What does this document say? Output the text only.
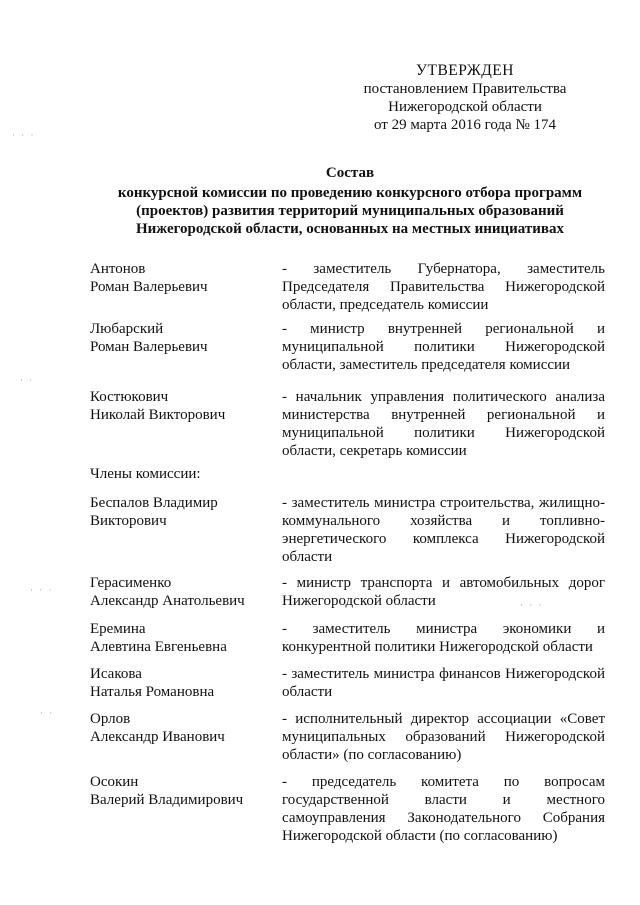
УТВЕРЖДЕН
постановлением Правительства
Нижегородской области
от 29 марта 2016 года № 174
Состав
конкурсной комиссии по проведению конкурсного отбора программ
(проектов) развития территорий муниципальных образований
Нижегородской области, основанных на местных инициативах
Антонов
Роман Валерьевич
- заместитель Губернатора, заместитель Председателя Правительства Нижегородской области, председатель комиссии
Любарский
Роман Валерьевич
- министр внутренней региональной и муниципальной политики Нижегородской области, заместитель председателя комиссии
Костюкович
Николай Викторович
- начальник управления политического анализа министерства внутренней региональной и муниципальной политики Нижегородской области, секретарь комиссии
Члены комиссии:
Беспалов Владимир
Викторович
- заместитель министра строительства, жилищно-коммунального хозяйства и топливно-энергетического комплекса Нижегородской области
Герасименко
Александр Анатольевич
- министр транспорта и автомобильных дорог Нижегородской области
Еремина
Алевтина Евгеньевна
- заместитель министра экономики и конкурентной политики Нижегородской области
Исакова
Наталья Романовна
- заместитель министра финансов Нижегородской области
Орлов
Александр Иванович
- исполнительный директор ассоциации «Совет муниципальных образований Нижегородской области» (по согласованию)
Осокин
Валерий Владимирович
- председатель комитета по вопросам государственной власти и местного самоуправления Законодательного Собрания Нижегородской области (по согласованию)
· · ·
· ·
· · ·
· ·
· · ·
